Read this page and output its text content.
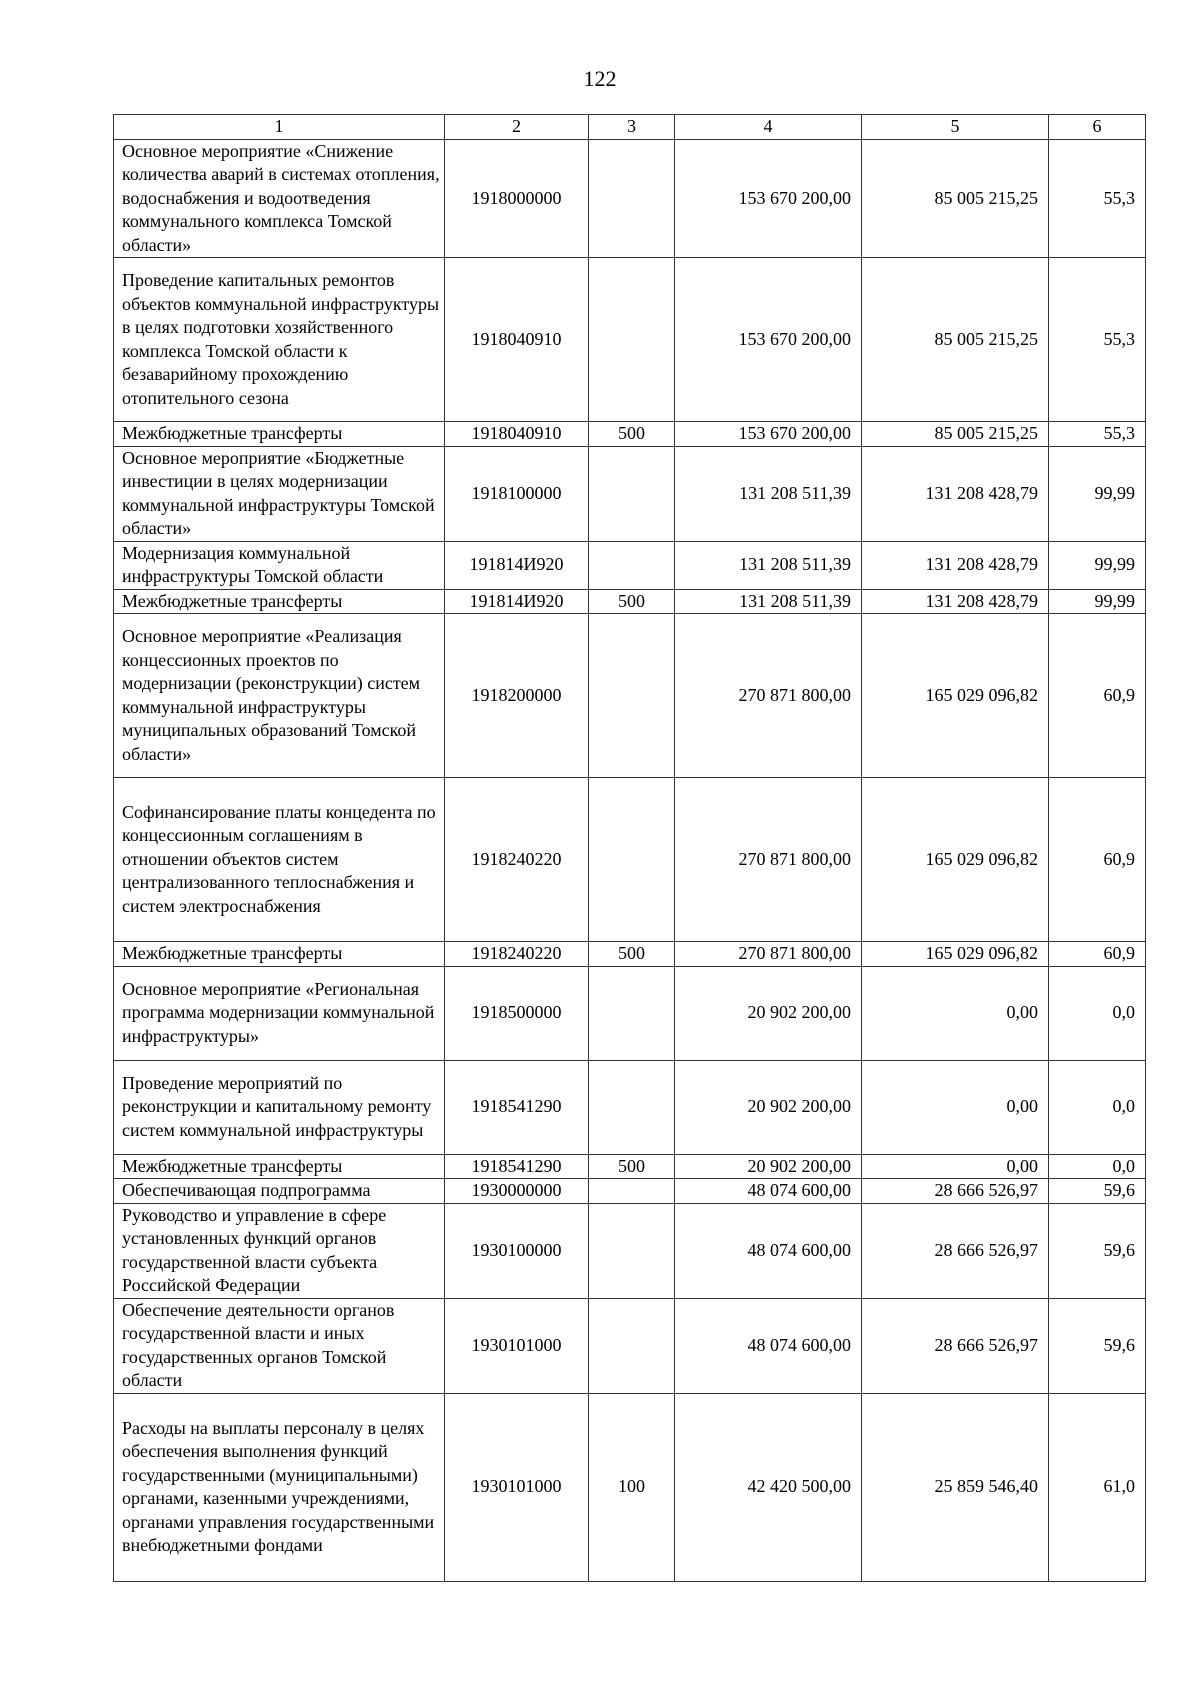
122
1	2	3	4	5	6
Основное мероприятие «Снижение количества аварий в системах отопления, водоснабжения и водоотведения коммунального комплекса Томской области»	1918000000		153 670 200,00	85 005 215,25	55,3
Проведение капитальных ремонтов объектов коммунальной инфраструктуры в целях подготовки хозяйственного комплекса Томской области к безаварийному прохождению отопительного сезона	1918040910		153 670 200,00	85 005 215,25	55,3
Межбюджетные трансферты	1918040910	500	153 670 200,00	85 005 215,25	55,3
Основное мероприятие «Бюджетные инвестиции в целях модернизации коммунальной инфраструктуры Томской области»	1918100000		131 208 511,39	131 208 428,79	99,99
Модернизация коммунальной инфраструктуры Томской области	191814И920		131 208 511,39	131 208 428,79	99,99
Межбюджетные трансферты	191814И920	500	131 208 511,39	131 208 428,79	99,99
Основное мероприятие «Реализация концессионных проектов по модернизации (реконструкции) систем коммунальной инфраструктуры муниципальных образований Томской области»	1918200000		270 871 800,00	165 029 096,82	60,9
Софинансирование платы концедента по концессионным соглашениям в отношении объектов систем централизованного теплоснабжения и систем электроснабжения	1918240220		270 871 800,00	165 029 096,82	60,9
Межбюджетные трансферты	1918240220	500	270 871 800,00	165 029 096,82	60,9
Основное мероприятие «Региональная программа модернизации коммунальной инфраструктуры»	1918500000		20 902 200,00	0,00	0,0
Проведение мероприятий по реконструкции и капитальному ремонту систем коммунальной инфраструктуры	1918541290		20 902 200,00	0,00	0,0
Межбюджетные трансферты	1918541290	500	20 902 200,00	0,00	0,0
Обеспечивающая подпрограмма	1930000000		48 074 600,00	28 666 526,97	59,6
Руководство и управление в сфере установленных функций органов государственной власти субъекта Российской Федерации	1930100000		48 074 600,00	28 666 526,97	59,6
Обеспечение деятельности органов государственной власти и иных государственных органов Томской области	1930101000		48 074 600,00	28 666 526,97	59,6
Расходы на выплаты персоналу в целях обеспечения выполнения функций государственными (муниципальными) органами, казенными учреждениями, органами управления государственными внебюджетными фондами	1930101000	100	42 420 500,00	25 859 546,40	61,0
